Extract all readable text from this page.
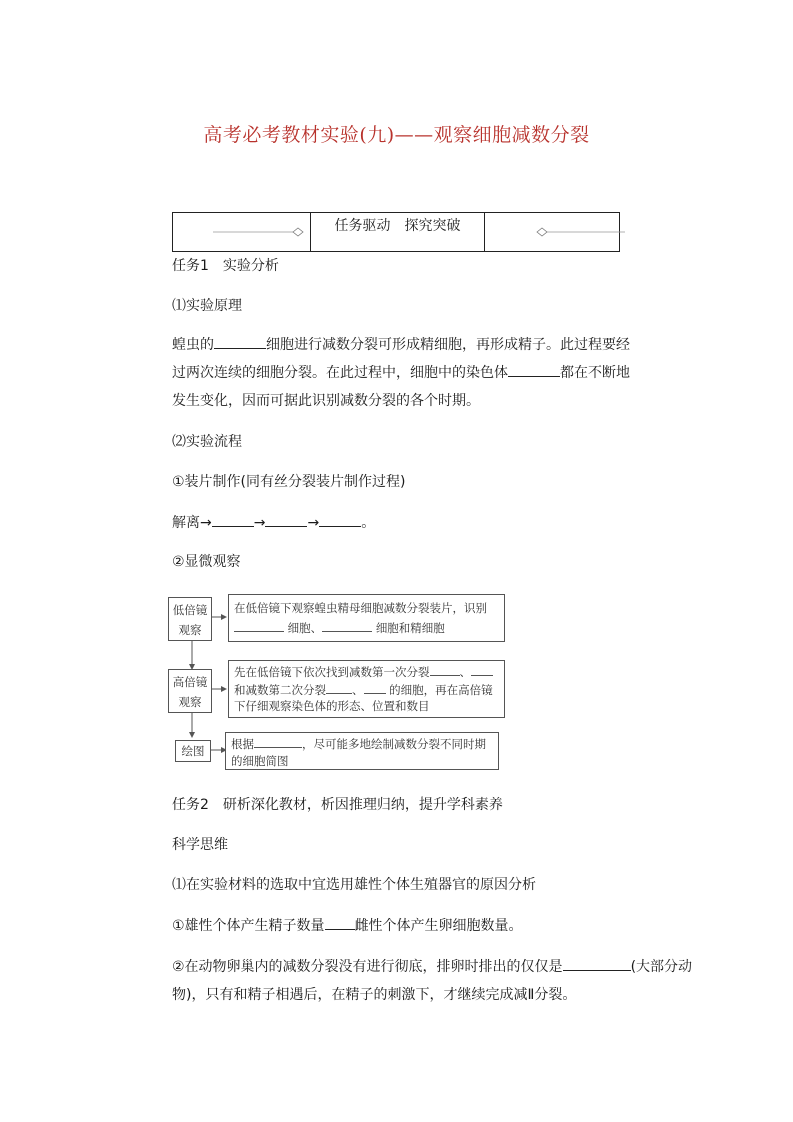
高考必考教材实验(九)——观察细胞减数分裂
任务驱动　探究突破
任务1　实验分析
⑴实验原理
蝗虫的	细胞进行减数分裂可形成精细胞，再形成精子。此过程要经过两次连续的细胞分裂。在此过程中，细胞中的染色体	都在不断地发生变化，因而可据此识别减数分裂的各个时期。
⑵实验流程
①装片制作(同有丝分裂装片制作过程)
解离→	→	→	。
②显微观察
低倍镜
观察
在低倍镜下观察蝗虫精母细胞减数分裂装片，识别
细胞、	细胞和精细胞
高倍镜
观察
先在低倍镜下依次找到减数第一次分裂	、
和减数第二次分裂 、 的细胞，再在高倍镜
下仔细观察染色体的形态、位置和数目
绘图	根据	，尽可能多地绘制减数分裂不同时期
的细胞简图
任务2　研析深化教材，析因推理归纳，提升学科素养
科学思维
⑴在实验材料的选取中宜选用雄性个体生殖器官的原因分析
①雄性个体产生精子数量 雌性个体产生卵细胞数量。
②在动物卵巢内的减数分裂没有进行彻底，排卵时排出的仅仅是	(大部分动物)，只有和精子相遇后，在精子的刺激下，才继续完成减Ⅱ分裂。
